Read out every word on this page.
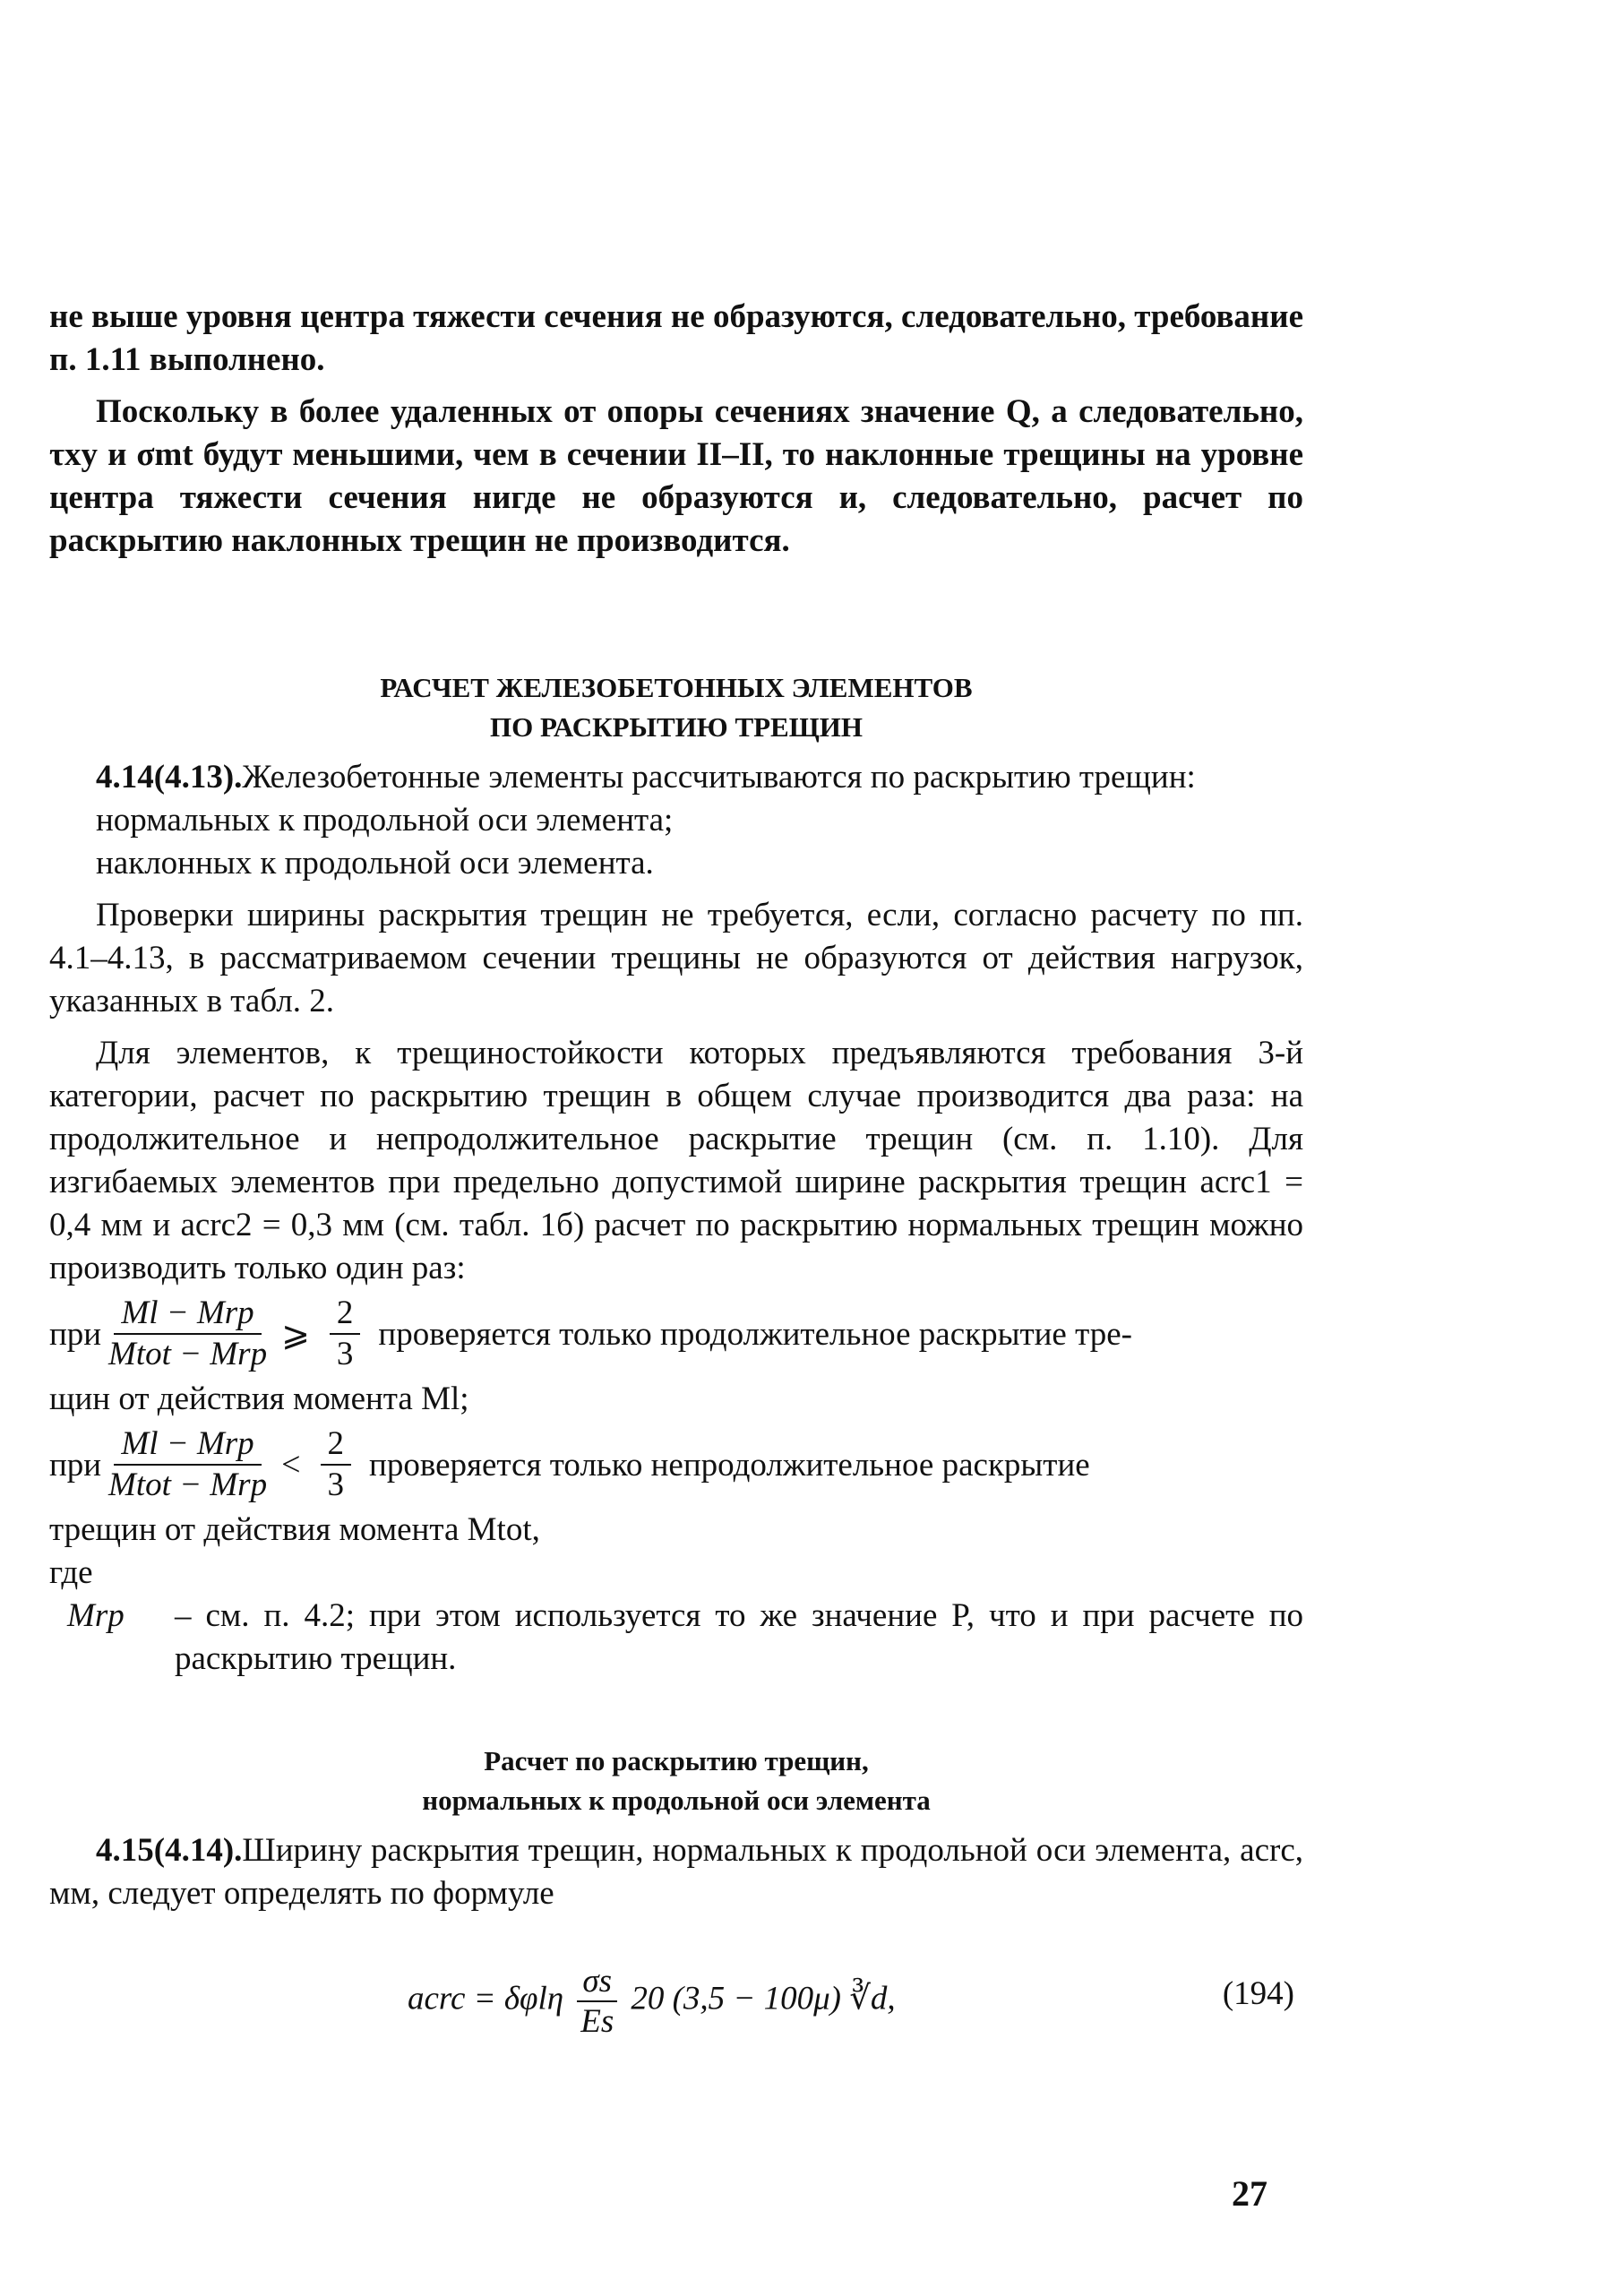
не выше уровня центра тяжести сечения не образуются, следовательно, требование п. 1.11 выполнено.

Поскольку в более удаленных от опоры сечениях значение Q, а следовательно, τxy и σmt будут меньшими, чем в сечении II–II, то наклонные трещины на уровне центра тяжести сечения нигде не образуются и, следовательно, расчет по раскрытию наклонных трещин не производится.

РАСЧЕТ ЖЕЛЕЗОБЕТОННЫХ ЭЛЕМЕНТОВ
ПО РАСКРЫТИЮ ТРЕЩИН

4.14(4.13).Железобетонные элементы рассчитываются по раскрытию трещин:

нормальных к продольной оси элемента;

наклонных к продольной оси элемента.

Проверки ширины раскрытия трещин не требуется, если, согласно расчету по пп. 4.1–4.13, в рассматриваемом сечении трещины не образуются от действия нагрузок, указанных в табл. 2.

Для элементов, к трещиностойкости которых предъявляются требования 3-й категории, расчет по раскрытию трещин в общем случае производится два раза: на продолжительное и непродолжительное раскрытие трещин (см. п. 1.10). Для изгибаемых элементов при предельно допустимой ширине раскрытия трещин acrc1 = 0,4 мм и acrc2 = 0,3 мм (см. табл. 1б) расчет по раскрытию нормальных трещин можно производить только один раз:

при $\frac{\text{Ml − Mrp}}{\text{Mtot − Mrp}}$ ⩾ $\frac{2}{3}$ проверяется только продолжительное раскрытие тре-

щин от действия момента Ml;

при $\frac{\text{Ml − Mrp}}{\text{Mtot − Mrp}} < \frac{2}{3}$ проверяется только непродолжительное раскрытие

трещин от действия момента Mtot,

где

Mrp	– см. п. 4.2; при этом используется то же значение P, что и при расчете по раскрытию трещин.
Расчет по раскрытию трещин,
нормальных к продольной оси элемента

4.15(4.14).Ширину раскрытия трещин, нормальных к продольной оси элемента, acrc, мм, следует определять по формуле

acrc = δφlη $\frac{\sigma s}{Es} 20$ (3,5 − 100μ) ∛d,	(194)
27
